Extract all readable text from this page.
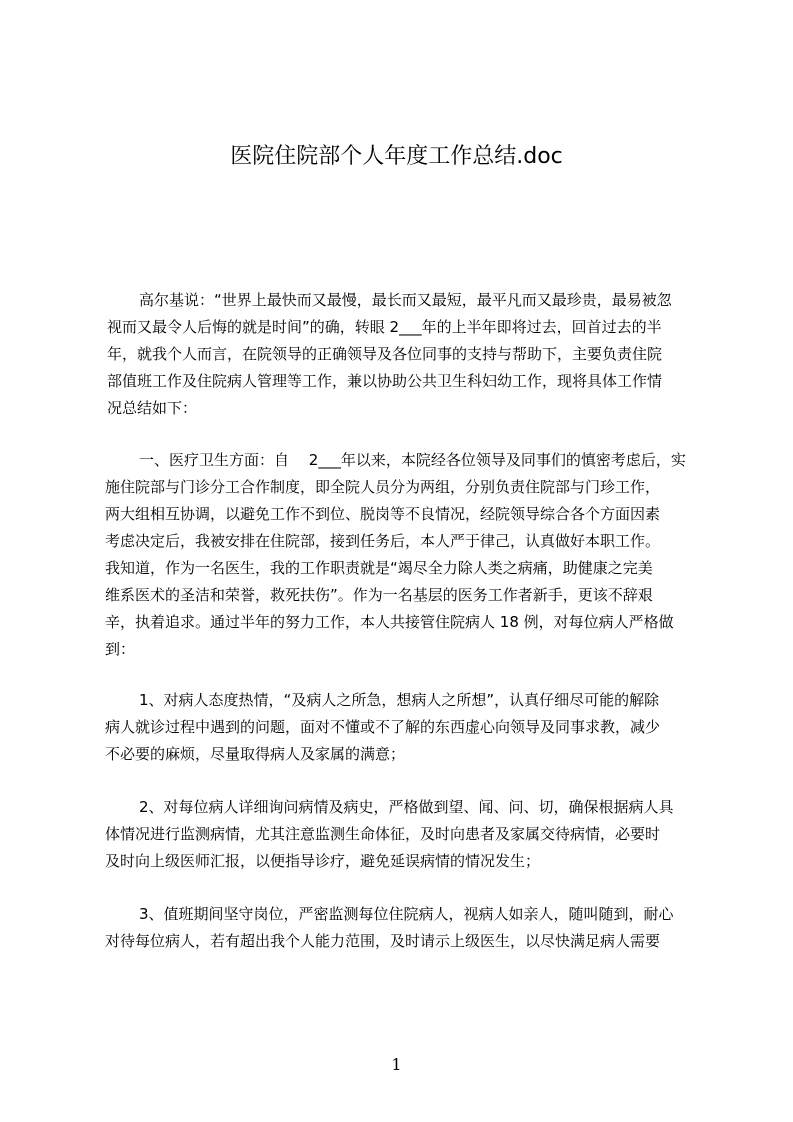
医院住院部个人年度工作总结.doc
高尔基说：“世界上最快而又最慢，最长而又最短，最平凡而又最珍贵，最易被忽
视而又最令人后悔的就是时间”的确，转眼 2___年的上半年即将过去，回首过去的半
年，就我个人而言，在院领导的正确领导及各位同事的支持与帮助下，主要负责住院
部值班工作及住院病人管理等工作，兼以协助公共卫生科妇幼工作，现将具体工作情
况总结如下：
一、医疗卫生方面：自　 2___年以来，本院经各位领导及同事们的慎密考虑后，实
施住院部与门诊分工合作制度，即全院人员分为两组，分别负责住院部与门珍工作，
两大组相互协调，以避免工作不到位、脱岗等不良情况，经院领导综合各个方面因素
考虑决定后，我被安排在住院部，接到任务后，本人严于律己，认真做好本职工作。
我知道，作为一名医生，我的工作职责就是“竭尽全力除人类之病痛，助健康之完美
维系医术的圣洁和荣誉，救死扶伤”。作为一名基层的医务工作者新手，更该不辞艰
辛，执着追求。通过半年的努力工作，本人共接管住院病人 18 例，对每位病人严格做
到：
1、对病人态度热情，“及病人之所急，想病人之所想”，认真仔细尽可能的解除
病人就诊过程中遇到的问题，面对不懂或不了解的东西虚心向领导及同事求教，减少
不必要的麻烦，尽量取得病人及家属的满意；
2、对每位病人详细询问病情及病史，严格做到望、闻、问、切，确保根据病人具
体情况进行监测病情，尤其注意监测生命体征，及时向患者及家属交待病情，必要时
及时向上级医师汇报，以便指导诊疗，避免延误病情的情况发生；
3、值班期间坚守岗位，严密监测每位住院病人，视病人如亲人，随叫随到，耐心
对待每位病人，若有超出我个人能力范围，及时请示上级医生，以尽快满足病人需要
1
